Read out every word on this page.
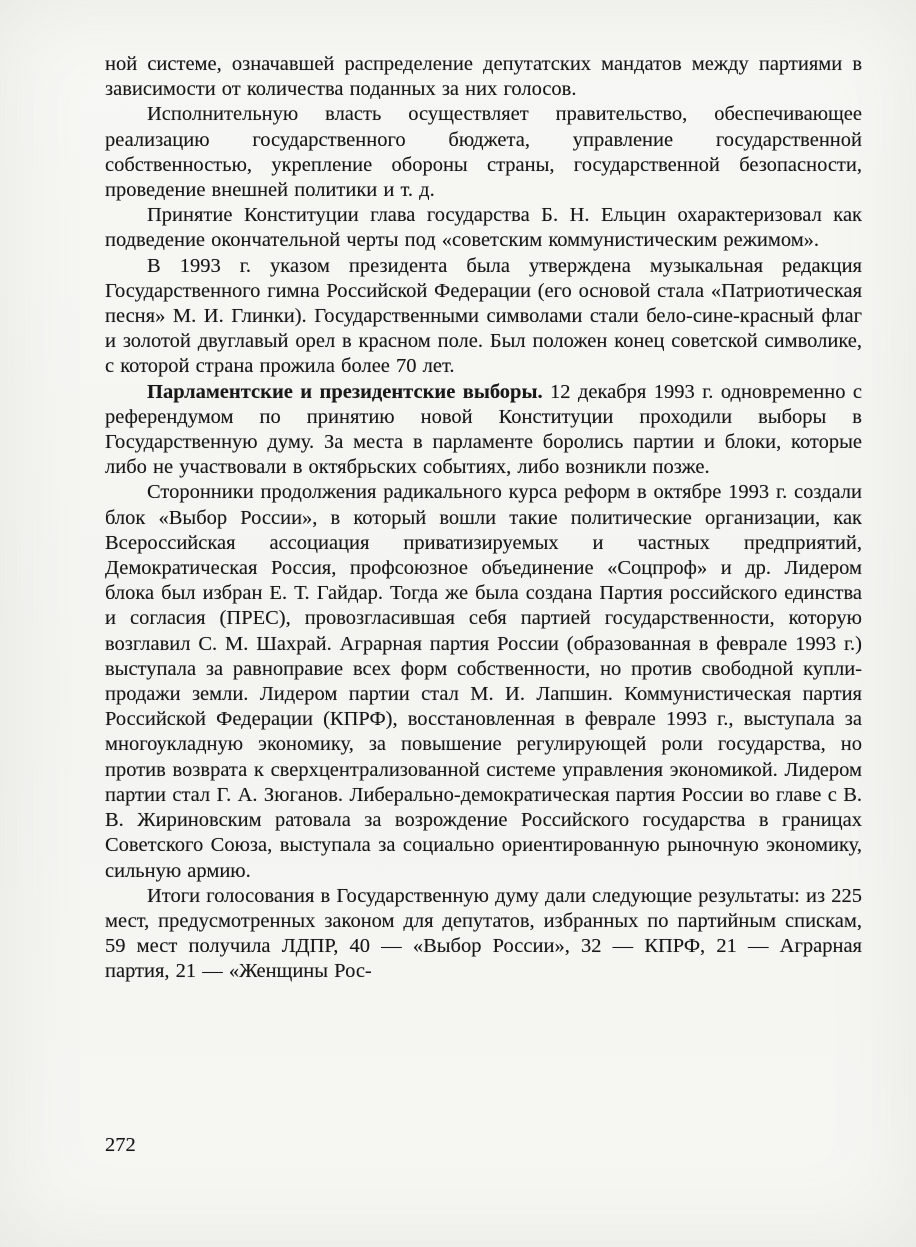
ной системе, означавшей распределение депутатских мандатов между партиями в зависимости от количества поданных за них голосов.

Исполнительную власть осуществляет правительство, обеспечивающее реализацию государственного бюджета, управление государственной собственностью, укрепление обороны страны, государственной безопасности, проведение внешней политики и т. д.

Принятие Конституции глава государства Б. Н. Ельцин охарактеризовал как подведение окончательной черты под «советским коммунистическим режимом».

В 1993 г. указом президента была утверждена музыкальная редакция Государственного гимна Российской Федерации (его основой стала «Патриотическая песня» М. И. Глинки). Государственными символами стали бело-сине-красный флаг и золотой двуглавый орел в красном поле. Был положен конец советской символике, с которой страна прожила более 70 лет.

Парламентские и президентские выборы. 12 декабря 1993 г. одновременно с референдумом по принятию новой Конституции проходили выборы в Государственную думу. За места в парламенте боролись партии и блоки, которые либо не участвовали в октябрьских событиях, либо возникли позже.

Сторонники продолжения радикального курса реформ в октябре 1993 г. создали блок «Выбор России», в который вошли такие политические организации, как Всероссийская ассоциация приватизируемых и частных предприятий, Демократическая Россия, профсоюзное объединение «Соцпроф» и др. Лидером блока был избран Е. Т. Гайдар. Тогда же была создана Партия российского единства и согласия (ПРЕС), провозгласившая себя партией государственности, которую возглавил С. М. Шахрай. Аграрная партия России (образованная в феврале 1993 г.) выступала за равноправие всех форм собственности, но против свободной купли-продажи земли. Лидером партии стал М. И. Лапшин. Коммунистическая партия Российской Федерации (КПРФ), восстановленная в феврале 1993 г., выступала за многоукладную экономику, за повышение регулирующей роли государства, но против возврата к сверхцентрализованной системе управления экономикой. Лидером партии стал Г. А. Зюганов. Либерально-демократическая партия России во главе с В. В. Жириновским ратовала за возрождение Российского государства в границах Советского Союза, выступала за социально ориентированную рыночную экономику, сильную армию.

Итоги голосования в Государственную думу дали следующие результаты: из 225 мест, предусмотренных законом для депутатов, избранных по партийным спискам, 59 мест получила ЛДПР, 40 — «Выбор России», 32 — КПРФ, 21 — Аграрная партия, 21 — «Женщины Рос-

272
